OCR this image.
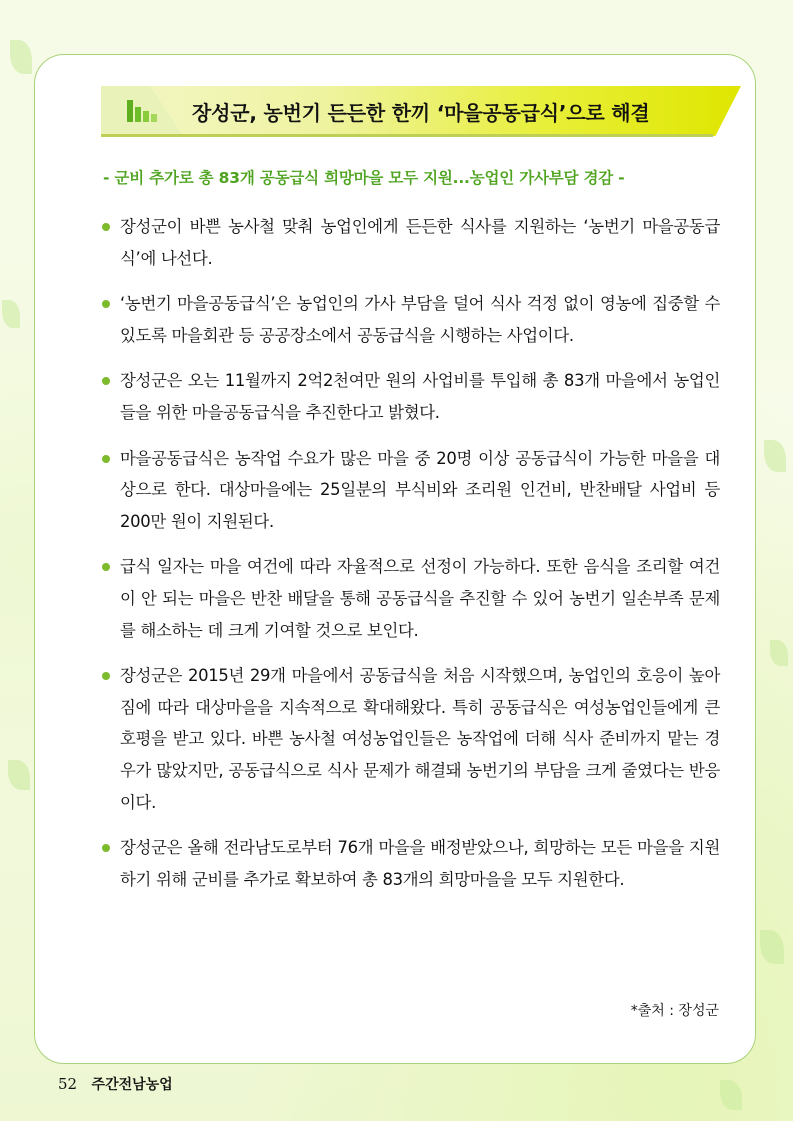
장성군, 농번기 든든한 한끼 ‘마을공동급식’으로 해결
- 군비 추가로 총 83개 공동급식 희망마을 모두 지원...농업인 가사부담 경감 -
장성군이 바쁜 농사철 맞춰 농업인에게 든든한 식사를 지원하는 ‘농번기 마을공동급식’에 나선다.
‘농번기 마을공동급식’은 농업인의 가사 부담을 덜어 식사 걱정 없이 영농에 집중할 수 있도록 마을회관 등 공공장소에서 공동급식을 시행하는 사업이다.
장성군은 오는 11월까지 2억2천여만 원의 사업비를 투입해 총 83개 마을에서 농업인들을 위한 마을공동급식을 추진한다고 밝혔다.
마을공동급식은 농작업 수요가 많은 마을 중 20명 이상 공동급식이 가능한 마을을 대상으로 한다. 대상마을에는 25일분의 부식비와 조리원 인건비, 반찬배달 사업비 등 200만 원이 지원된다.
급식 일자는 마을 여건에 따라 자율적으로 선정이 가능하다. 또한 음식을 조리할 여건이 안 되는 마을은 반찬 배달을 통해 공동급식을 추진할 수 있어 농번기 일손부족 문제를 해소하는 데 크게 기여할 것으로 보인다.
장성군은 2015년 29개 마을에서 공동급식을 처음 시작했으며, 농업인의 호응이 높아짐에 따라 대상마을을 지속적으로 확대해왔다. 특히 공동급식은 여성농업인들에게 큰 호평을 받고 있다. 바쁜 농사철 여성농업인들은 농작업에 더해 식사 준비까지 맡는 경우가 많았지만, 공동급식으로 식사 문제가 해결돼 농번기의 부담을 크게 줄였다는 반응이다.
장성군은 올해 전라남도로부터 76개 마을을 배정받았으나, 희망하는 모든 마을을 지원하기 위해 군비를 추가로 확보하여 총 83개의 희망마을을 모두 지원한다.
*출처 : 장성군
52 주간전남농업
